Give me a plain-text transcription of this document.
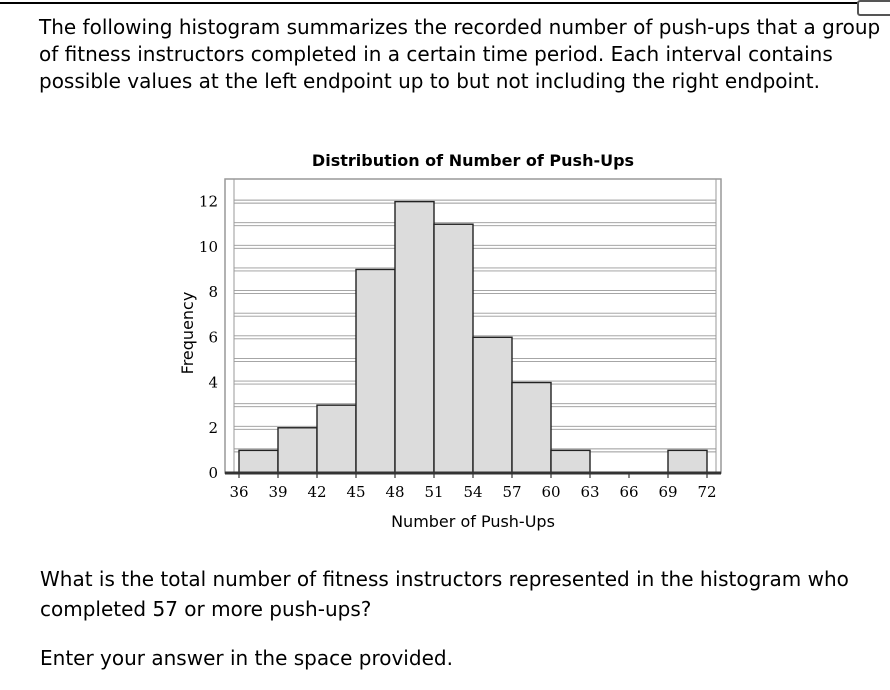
The following histogram summarizes the recorded number of push-ups that a group of fitness instructors completed in a certain time period. Each interval contains possible values at the left endpoint up to but not including the right endpoint.
Distribution of Number of Push-Ups
0
2
4
6
8
10
12
36 39 42 45 48 51 54 57 60 63 66 69 72
Frequency
Number of Push-Ups
What is the total number of fitness instructors represented in the histogram who completed 57 or more push-ups?
Enter your answer in the space provided.
